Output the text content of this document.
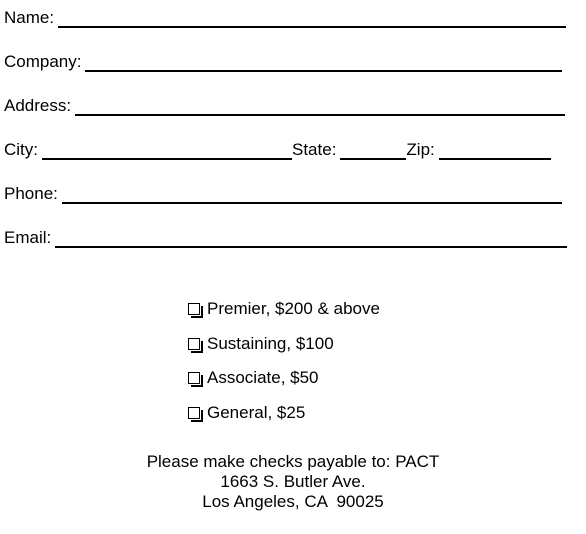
Name:
Company:
Address:
City:	State:	Zip:
Phone:
Email:
Premier, $200 & above
Sustaining, $100
Associate, $50
General, $25
Please make checks payable to: PACT
1663 S. Butler Ave.
Los Angeles, CA  90025
